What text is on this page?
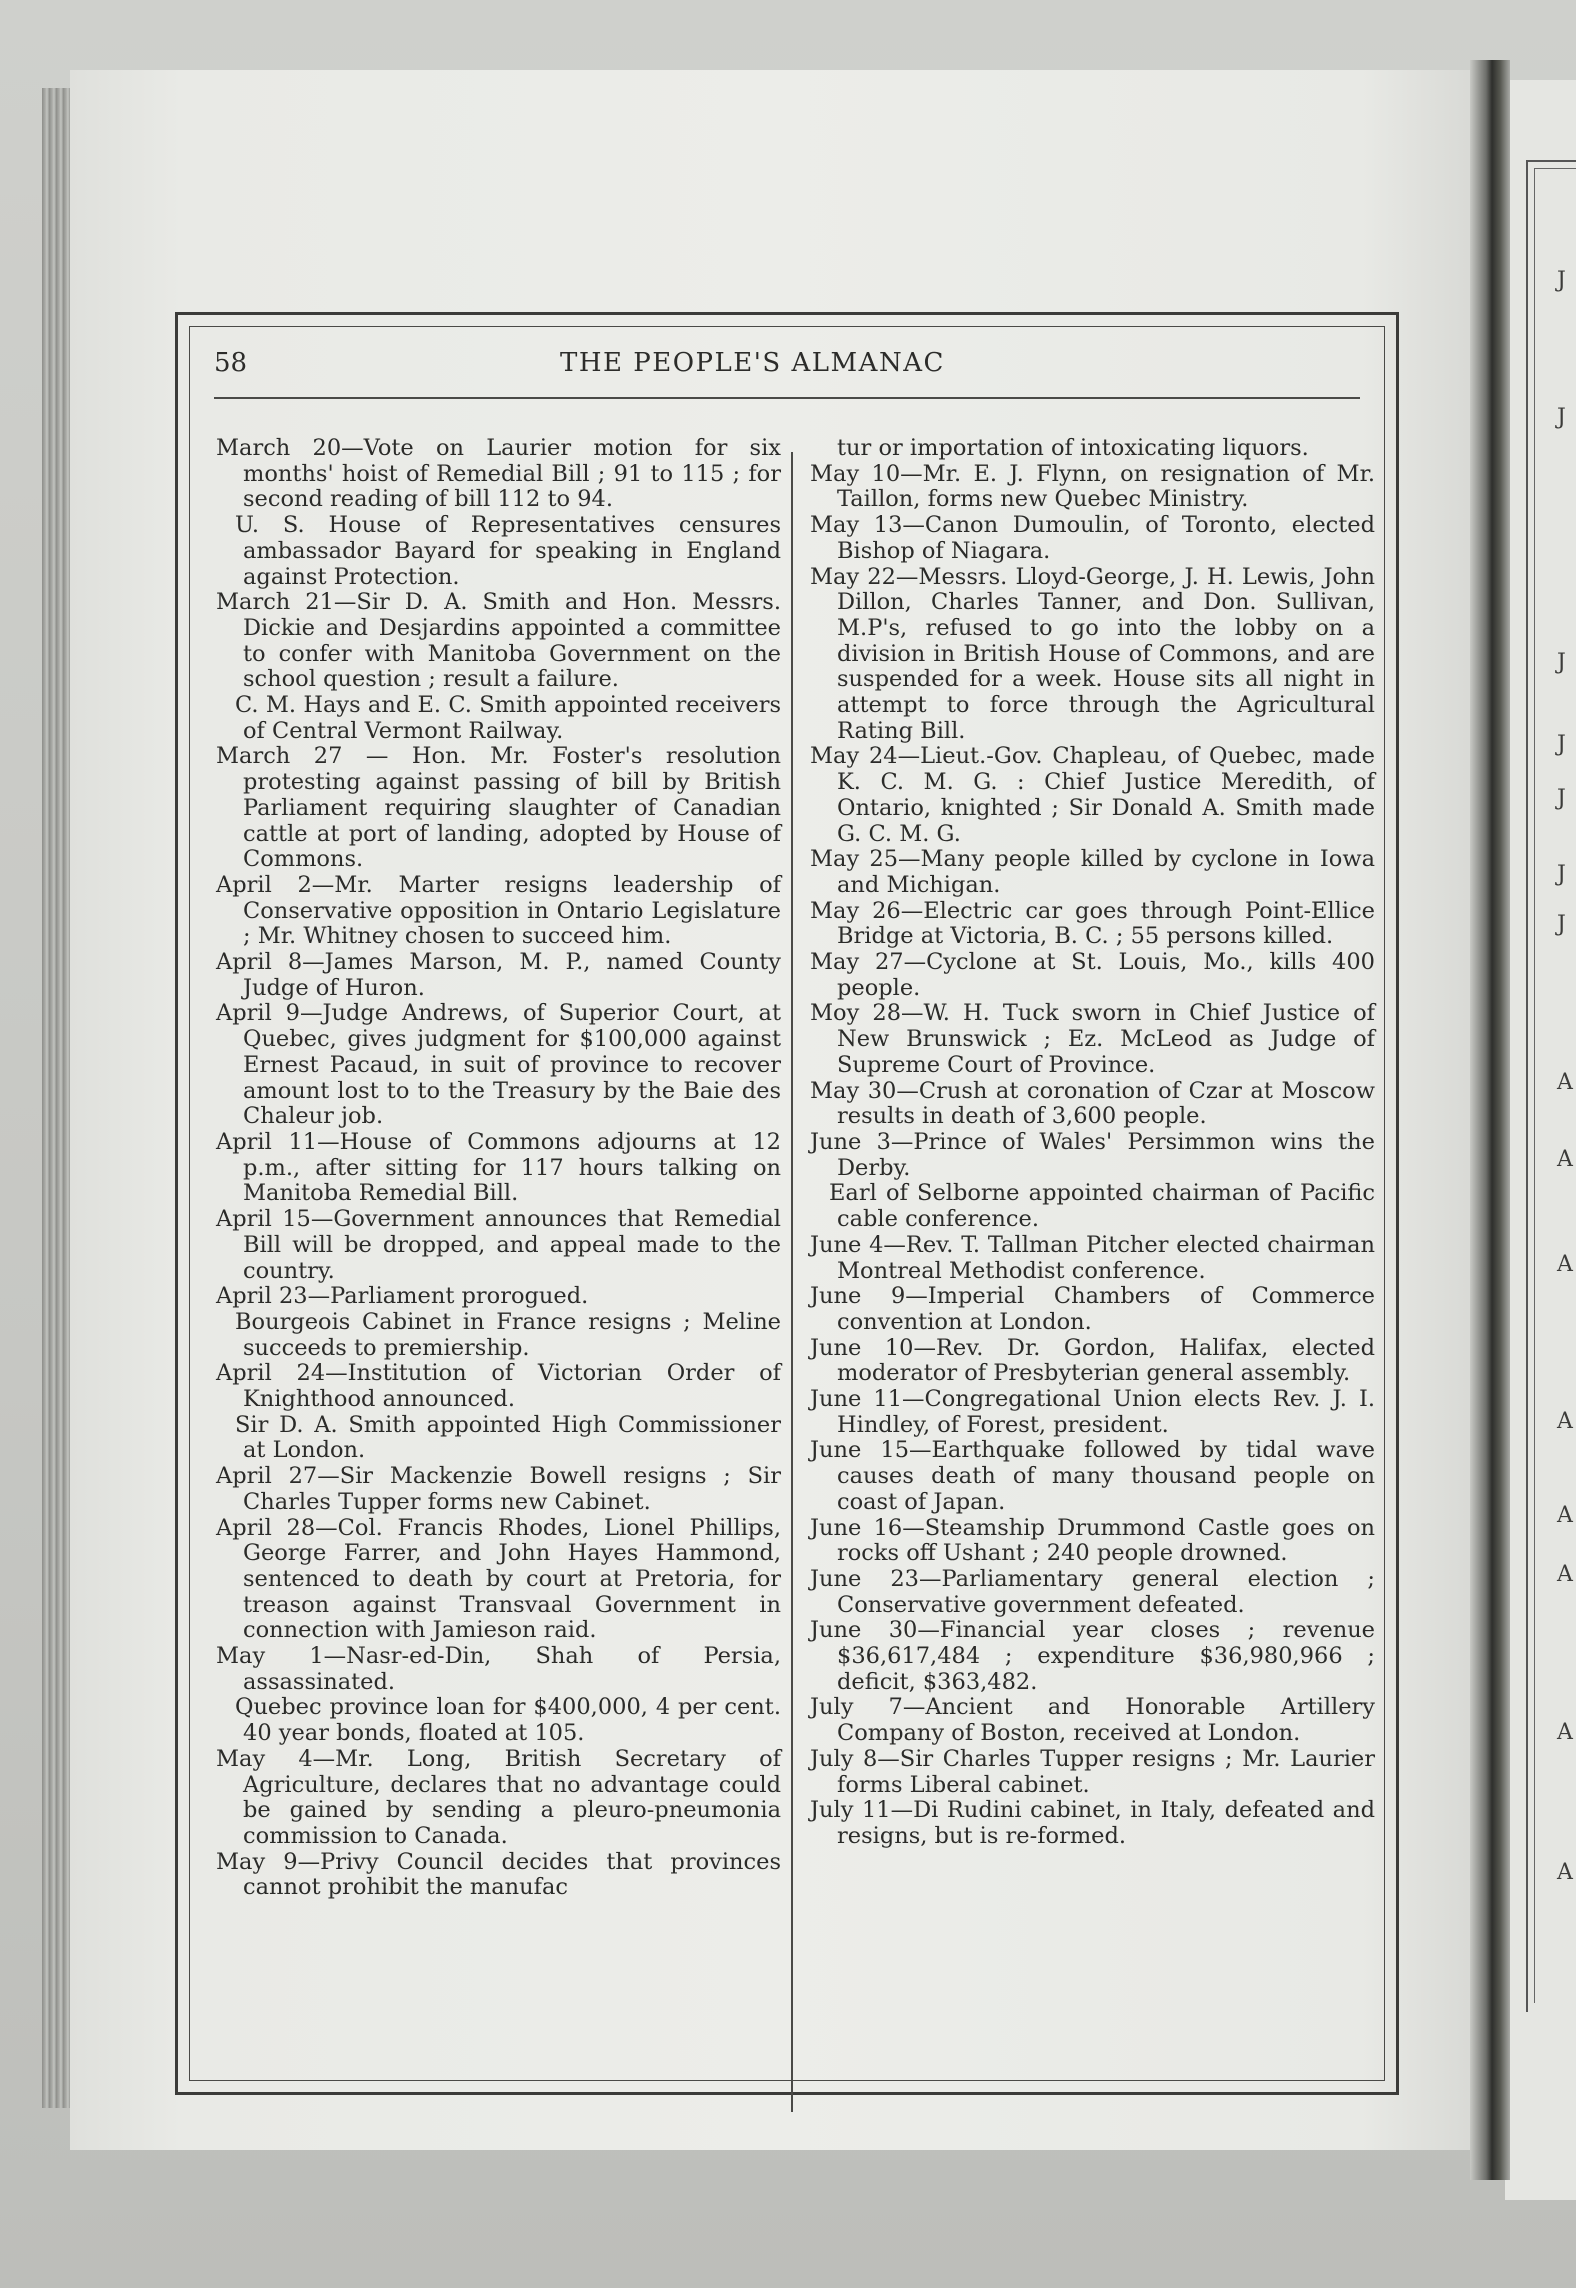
J
J
J
J
J
J
J
A
A
A
A
A
A
A
A
58	THE PEOPLE'S ALMANAC

March 20—Vote on Laurier motion for six months' hoist of Remedial Bill ; 91 to 115 ; for second reading of bill 112 to 94.

U. S. House of Representatives censures ambassador Bayard for speaking in England against Protection.

March 21—Sir D. A. Smith and Hon. Messrs. Dickie and Desjardins appointed a committee to confer with Manitoba Government on the school question ; result a failure.

C. M. Hays and E. C. Smith appointed receivers of Central Vermont Railway.

March 27 — Hon. Mr. Foster's resolution protesting against passing of bill by British Parliament requiring slaughter of Canadian cattle at port of landing, adopted by House of Commons.

April 2—Mr. Marter resigns leadership of Conservative opposition in Ontario Legislature ; Mr. Whitney chosen to succeed him.

April 8—James Marson, M. P., named County Judge of Huron.

April 9—Judge Andrews, of Superior Court, at Quebec, gives judgment for $100,000 against Ernest Pacaud, in suit of province to recover amount lost to to the Treasury by the Baie des Chaleur job.

April 11—House of Commons adjourns at 12 p.m., after sitting for 117 hours talking on Manitoba Remedial Bill.

April 15—Government announces that Remedial Bill will be dropped, and appeal made to the country.

April 23—Parliament prorogued.

Bourgeois Cabinet in France resigns ; Meline succeeds to premiership.

April 24—Institution of Victorian Order of Knighthood announced.

Sir D. A. Smith appointed High Commissioner at London.

April 27—Sir Mackenzie Bowell resigns ; Sir Charles Tupper forms new Cabinet.

April 28—Col. Francis Rhodes, Lionel Phillips, George Farrer, and John Hayes Hammond, sentenced to death by court at Pretoria, for treason against Transvaal Government in connection with Jamieson raid.

May 1—Nasr-ed-Din, Shah of Persia, assassinated.

Quebec province loan for $400,000, 4 per cent. 40 year bonds, floated at 105.

May 4—Mr. Long, British Secretary of Agriculture, declares that no advantage could be gained by sending a pleuro-pneumonia commission to Canada.

May 9—Privy Council decides that provinces cannot prohibit the manufac

tur or importation of intoxicating liquors.

May 10—Mr. E. J. Flynn, on resignation of Mr. Taillon, forms new Quebec Ministry.

May 13—Canon Dumoulin, of Toronto, elected Bishop of Niagara.

May 22—Messrs. Lloyd-George, J. H. Lewis, John Dillon, Charles Tanner, and Don. Sullivan, M.P's, refused to go into the lobby on a division in British House of Commons, and are suspended for a week. House sits all night in attempt to force through the Agricultural Rating Bill.

May 24—Lieut.-Gov. Chapleau, of Quebec, made K. C. M. G. : Chief Justice Meredith, of Ontario, knighted ; Sir Donald A. Smith made G. C. M. G.

May 25—Many people killed by cyclone in Iowa and Michigan.

May 26—Electric car goes through Point-Ellice Bridge at Victoria, B. C. ; 55 persons killed.

May 27—Cyclone at St. Louis, Mo., kills 400 people.

Moy 28—W. H. Tuck sworn in Chief Justice of New Brunswick ; Ez. McLeod as Judge of Supreme Court of Province.

May 30—Crush at coronation of Czar at Moscow results in death of 3,600 people.

June 3—Prince of Wales' Persimmon wins the Derby.

Earl of Selborne appointed chairman of Pacific cable conference.

June 4—Rev. T. Tallman Pitcher elected chairman Montreal Methodist conference.

June 9—Imperial Chambers of Commerce convention at London.

June 10—Rev. Dr. Gordon, Halifax, elected moderator of Presbyterian general assembly.

June 11—Congregational Union elects Rev. J. I. Hindley, of Forest, president.

June 15—Earthquake followed by tidal wave causes death of many thousand people on coast of Japan.

June 16—Steamship Drummond Castle goes on rocks off Ushant ; 240 people drowned.

June 23—Parliamentary general election ; Conservative government defeated.

June 30—Financial year closes ; revenue $36,617,484 ; expenditure $36,980,966 ; deficit, $363,482.

July 7—Ancient and Honorable Artillery Company of Boston, received at London.

July 8—Sir Charles Tupper resigns ; Mr. Laurier forms Liberal cabinet.

July 11—Di Rudini cabinet, in Italy, defeated and resigns, but is re-formed.
